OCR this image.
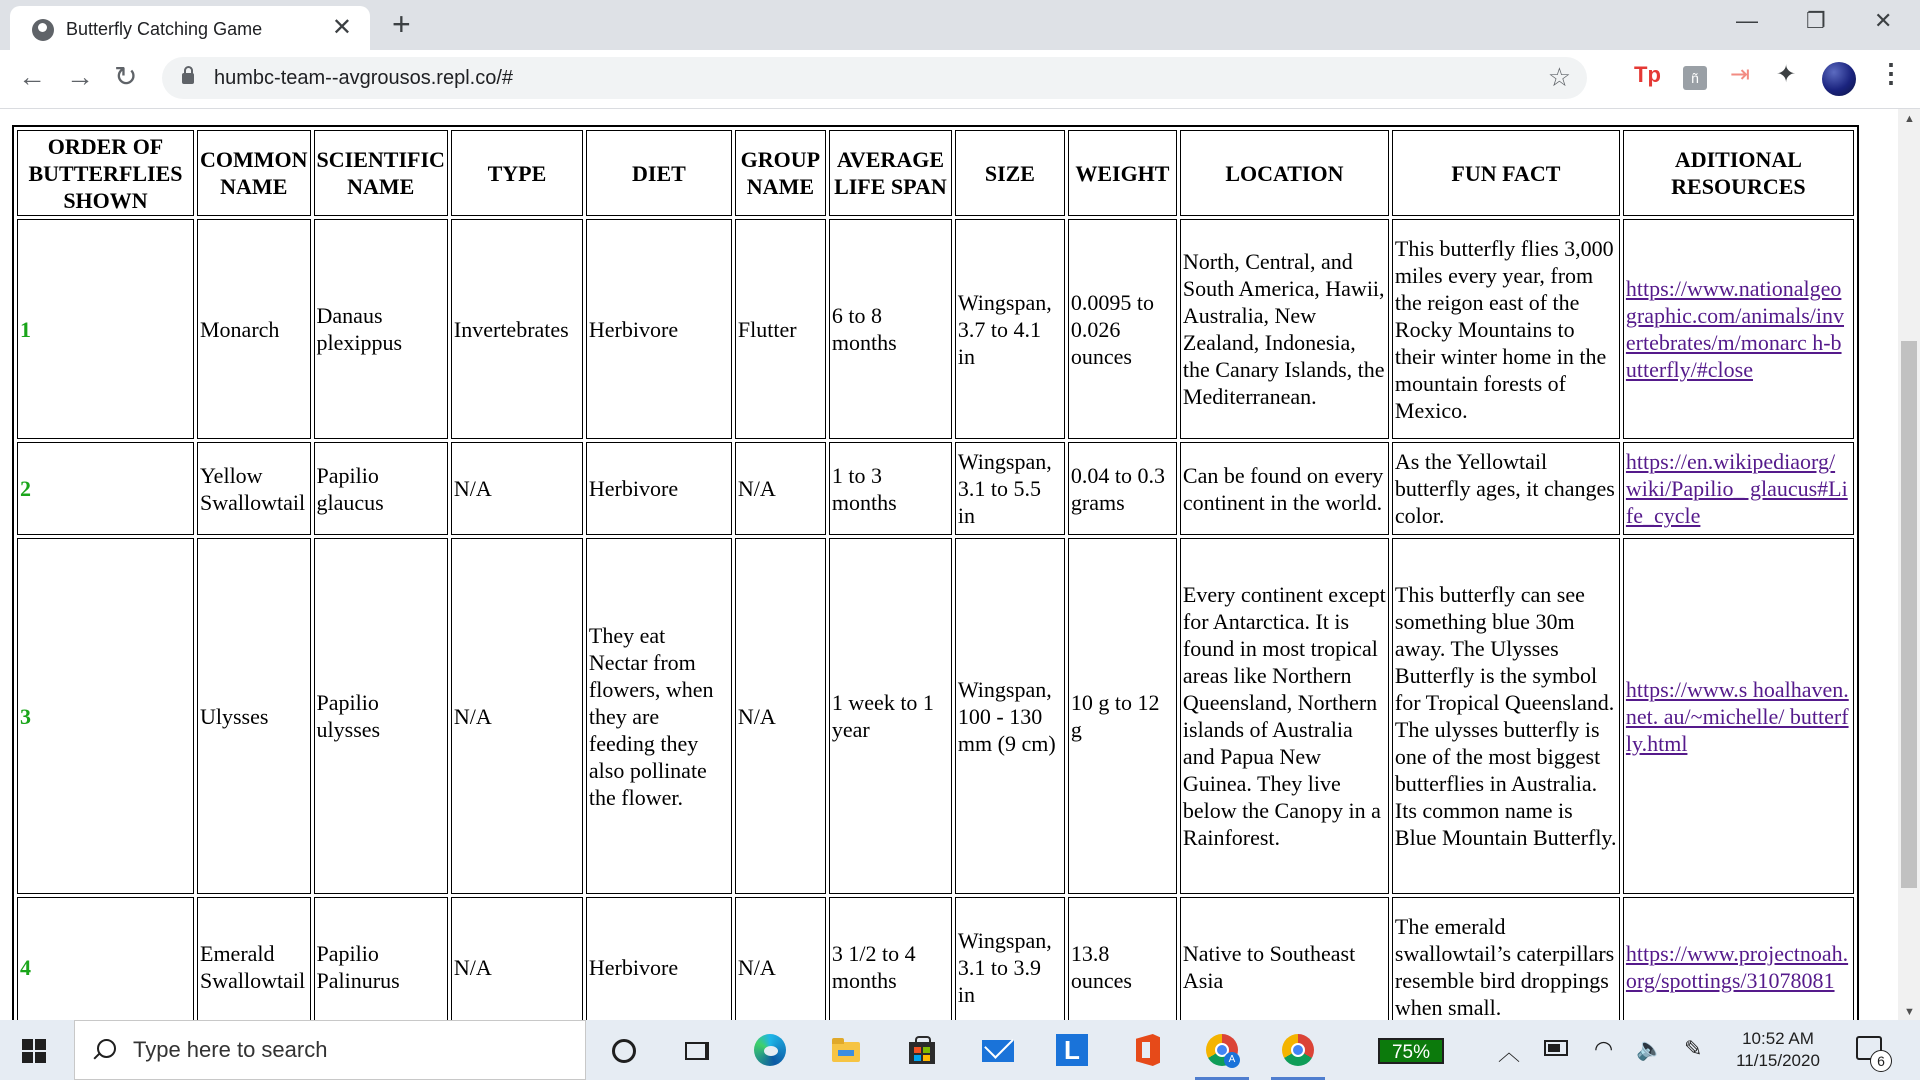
Butterfly Catching Game	✕ +	— ❐ ✕
← → ↻	humbc-team--avgrousos.repl.co/#	☆	Tp	⇥ ✦	⋮
ñ
ORDER OF BUTTERFLIES SHOWN	COMMON NAME	SCIENTIFIC NAME	TYPE	DIET	GROUP NAME	AVERAGE LIFE SPAN	SIZE	WEIGHT	LOCATION	FUN FACT	ADITIONAL RESOURCES
1	Monarch	Danaus plexippus	Invertebrates	Herbivore	Flutter	6 to 8 months	Wingspan, 3.7 to 4.1 in	0.0095 to 0.026 ounces	North, Central, and South America, Hawii, Australia, New Zealand, Indonesia, the Canary Islands, the Mediterranean.	This butterfly flies 3,000 miles every year, from the reigon east of the Rocky Mountains to their winter home in the mountain forests of Mexico.	https://www.nationalgeographic.com/animals/invertebrates/m/monarc h-butterfly/#close
2	Yellow Swallowtail	Papilio glaucus	N/A	Herbivore	N/A	1 to 3 months	Wingspan, 3.1 to 5.5 in	0.04 to 0.3 grams	Can be found on every continent in the world.	As the Yellowtail butterfly ages, it changes color.	https://en.wikipediaorg/wiki/Papilio_ glaucus#Life_cycle
3	Ulysses	Papilio ulysses	N/A	They eat Nectar from flowers, when they are feeding they also pollinate the flower.	N/A	1 week to 1 year	Wingspan, 100 - 130 mm (9 cm)	10 g to 12 g	Every continent except for Antarctica. It is found in most tropical areas like Northern Queensland, Northern islands of Australia and Papua New Guinea. They live below the Canopy in a Rainforest.	This butterfly can see something blue 30m away. The Ulysses Butterfly is the symbol for Tropical Queensland. The ulysses butterfly is one of the most biggest butterflies in Australia. Its common name is Blue Mountain Butterfly.	https://www.s hoalhaven.net. au/~michelle/ butterfly.html
4	Emerald Swallowtail	Papilio Palinurus	N/A	Herbivore	N/A	3 1/2 to 4 months	Wingspan, 3.1 to 3.9 in	13.8 ounces	Native to Southeast Asia	The emerald swallowtail’s caterpillars resemble bird droppings when small.	https://www.projectnoah.org/spottings/31078081
▲
▼
Type here to search	L	A	75%	︿	◠ 🔈 ✎	10:52 AM
11/15/2020	6
